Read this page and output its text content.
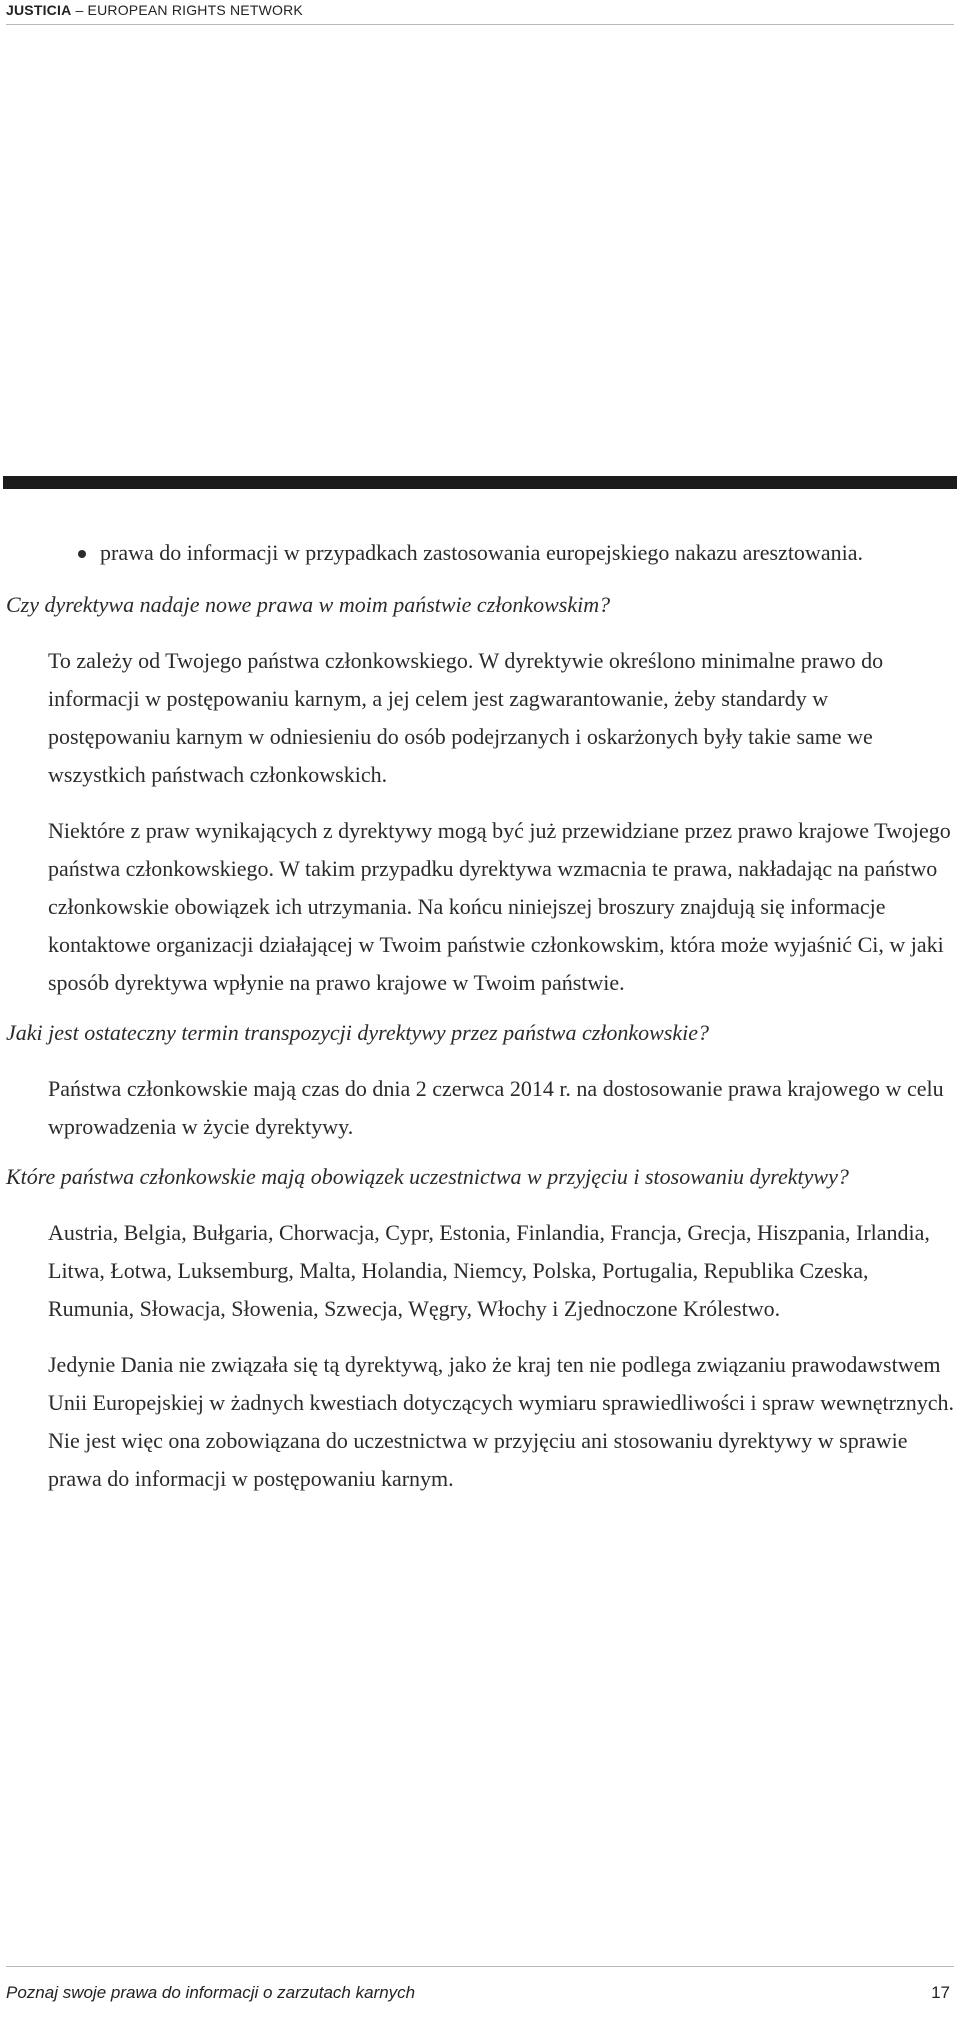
JUSTICIA – EUROPEAN RIGHTS NETWORK
prawa do informacji w przypadkach zastosowania europejskiego nakazu aresztowania.

Czy dyrektywa nadaje nowe prawa w moim państwie członkowskim?

To zależy od Twojego państwa członkowskiego. W dyrektywie określono minimalne prawo do informacji w postępowaniu karnym, a jej celem jest zagwarantowanie, żeby standardy w postępowaniu karnym w odniesieniu do osób podejrzanych i oskarżonych były takie same we wszystkich państwach członkowskich.

Niektóre z praw wynikających z dyrektywy mogą być już przewidziane przez prawo krajowe Twojego państwa członkowskiego. W takim przypadku dyrektywa wzmacnia te prawa, nakładając na państwo członkowskie obowiązek ich utrzymania. Na końcu niniejszej broszury znajdują się informacje kontaktowe organizacji działającej w Twoim państwie członkowskim, która może wyjaśnić Ci, w jaki sposób dyrektywa wpłynie na prawo krajowe w Twoim państwie.

Jaki jest ostateczny termin transpozycji dyrektywy przez państwa członkowskie?

Państwa członkowskie mają czas do dnia 2 czerwca 2014 r. na dostosowanie prawa krajowego w celu wprowadzenia w życie dyrektywy.

Które państwa członkowskie mają obowiązek uczestnictwa w przyjęciu i stosowaniu dyrektywy?

Austria, Belgia, Bułgaria, Chorwacja, Cypr, Estonia, Finlandia, Francja, Grecja, Hiszpania, Irlandia, Litwa, Łotwa, Luksemburg, Malta, Holandia, Niemcy, Polska, Portugalia, Republika Czeska, Rumunia, Słowacja, Słowenia, Szwecja, Węgry, Włochy i Zjednoczone Królestwo.

Jedynie Dania nie związała się tą dyrektywą, jako że kraj ten nie podlega związaniu prawodawstwem Unii Europejskiej w żadnych kwestiach dotyczących wymiaru sprawiedliwości i spraw wewnętrznych. Nie jest więc ona zobowiązana do uczestnictwa w przyjęciu ani stosowaniu dyrektywy w sprawie prawa do informacji w postępowaniu karnym.

Poznaj swoje prawa do informacji o zarzutach karnych	17
